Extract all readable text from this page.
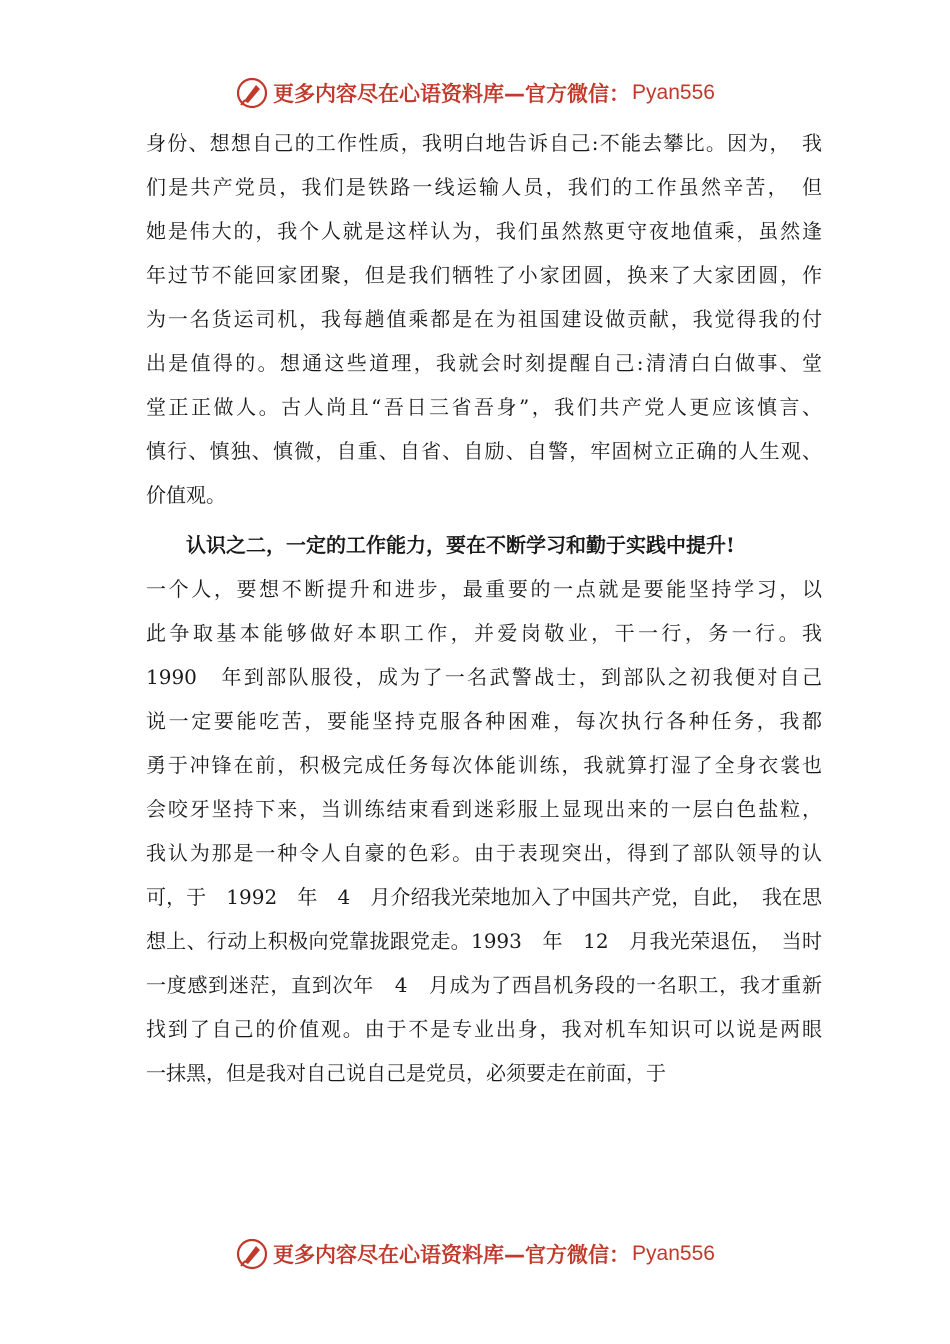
更多内容尽在心语资料库—官方微信： Pyan556
身份、想想自己的工作性质，我明白地告诉自己:不能去攀比。因为，　我
们是共产党员，我们是铁路一线运输人员，我们的工作虽然辛苦，　但
她是伟大的，我个人就是这样认为，我们虽然熬更守夜地值乘，虽然逢
年过节不能回家团聚，但是我们牺牲了小家团圆，换来了大家团圆，作
为一名货运司机，我每趟值乘都是在为祖国建设做贡献，我觉得我的付
出是值得的。想通这些道理，我就会时刻提醒自己:清清白白做事、堂
堂正正做人。古人尚且“吾日三省吾身”，我们共产党人更应该慎言、
慎行、慎独、慎微，自重、自省、自励、自警，牢固树立正确的人生观、
价值观。
认识之二，一定的工作能力，要在不断学习和勤于实践中提升!
一个人，要想不断提升和进步，最重要的一点就是要能坚持学习，以
此争取基本能够做好本职工作，并爱岗敬业，干一行，务一行。我
1990　年到部队服役，成为了一名武警战士，到部队之初我便对自己
说一定要能吃苦，要能坚持克服各种困难，每次执行各种任务，我都
勇于冲锋在前，积极完成任务每次体能训练，我就算打湿了全身衣裳也
会咬牙坚持下来，当训练结束看到迷彩服上显现出来的一层白色盐粒，
我认为那是一种令人自豪的色彩。由于表现突出，得到了部队领导的认
可，于　1992　年　4　月介绍我光荣地加入了中国共产党，自此，　我在思
想上、行动上积极向党靠拢跟党走。1993　年　12　月我光荣退伍，　当时
一度感到迷茫，直到次年　4　月成为了西昌机务段的一名职工，我才重新
找到了自己的价值观。由于不是专业出身，我对机车知识可以说是两眼
一抹黑，但是我对自己说自己是党员，必须要走在前面，于
更多内容尽在心语资料库—官方微信： Pyan556
